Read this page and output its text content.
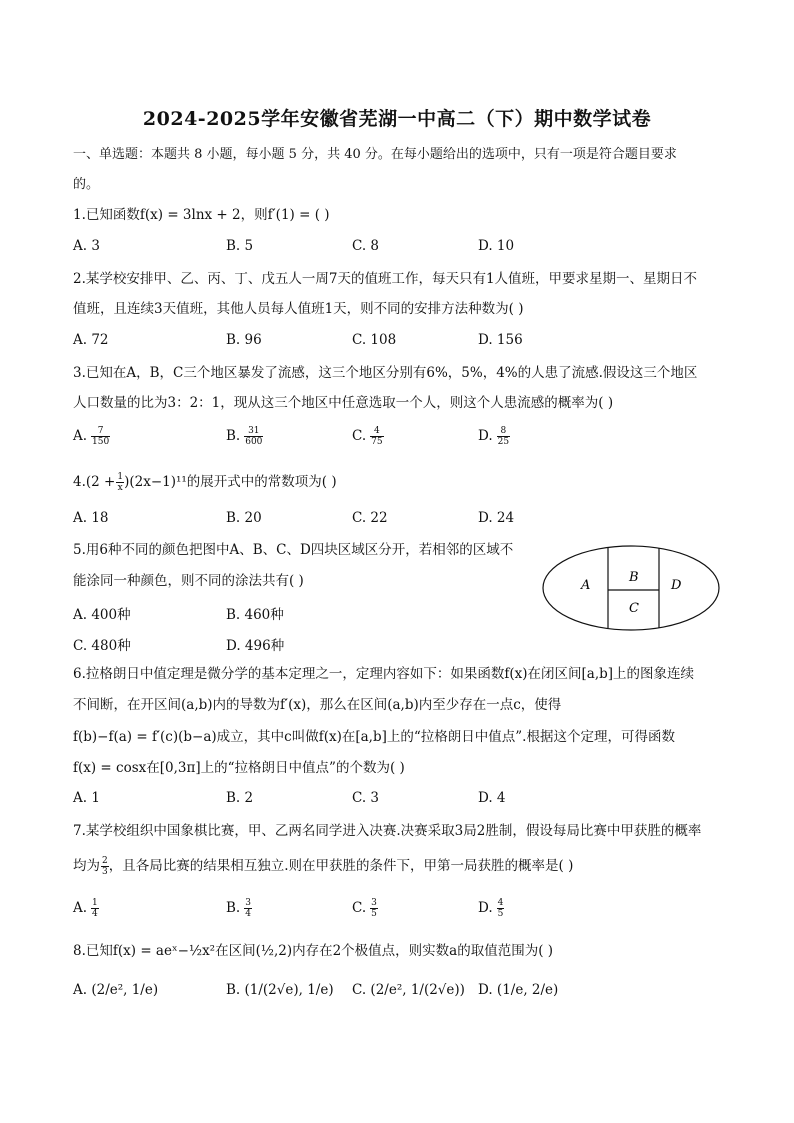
2024-2025学年安徽省芜湖一中高二（下）期中数学试卷
一、单选题：本题共 8 小题，每小题 5 分，共 40 分。在每小题给出的选项中，只有一项是符合题目要求
的。
1.已知函数f(x) = 3lnx + 2，则f′(1) = ( )
A. 3	B. 5	C. 8	D. 10
2.某学校安排甲、乙、丙、丁、戊五人一周7天的值班工作，每天只有1人值班，甲要求星期一、星期日不
值班，且连续3天值班，其他人员每人值班1天，则不同的安排方法种数为( )
A. 72	B. 96	C. 108	D. 156
3.已知在A，B，C三个地区暴发了流感，这三个地区分别有6%，5%，4%的人患了流感.假设这三个地区
人口数量的比为3：2：1，现从这三个地区中任意选取一个人，则这个人患流感的概率为( )
A. $\frac{7}{150}$	B. $\frac{31}{600}$	C. $\frac{4}{75}$	D. $\frac{8}{25}$
$4.(2 + \frac{1}{x} )(2x-1)^{11}$的展开式中的常数项为( )
A. 18	B. 20	C. 22	D. 24
5.用6种不同的颜色把图中A、B、C、D四块区域区分开，若相邻的区域不
能涂同一种颜色，则不同的涂法共有( )
A. 400种	B. 460种
C. 480种	D. 496种
A
B
C
D
6.拉格朗日中值定理是微分学的基本定理之一，定理内容如下：如果函数f(x)在闭区间[a,b]上的图象连续
不间断，在开区间(a,b)内的导数为f′(x)，那么在区间(a,b)内至少存在一点c，使得
f(b)−f(a) = f′(c)(b−a)成立，其中c叫做f(x)在[a,b]上的“拉格朗日中值点”.根据这个定理，可得函数
f(x) = cosx在[0,3π]上的“拉格朗日中值点”的个数为( )
A. 1	B. 2	C. 3	D. 4
7.某学校组织中国象棋比赛，甲、乙两名同学进入决赛.决赛采取3局2胜制，假设每局比赛中甲获胜的概率
均为 $\frac{2}{3}$ ，且各局比赛的结果相互独立.则在甲获胜的条件下，甲第一局获胜的概率是( )
A. $\frac{1}{4}$	B. $\frac{3}{4}$	C. $\frac{3}{5}$	D. $\frac{4}{5}$
8.已知f(x) = aeˣ−½x²在区间(½,2)内存在2个极值点，则实数a的取值范围为( )
A. (2/e², 1/e)	B. (1/(2√e), 1/e) C. (2/e², 1/(2√e)) D. (1/e, 2/e)
